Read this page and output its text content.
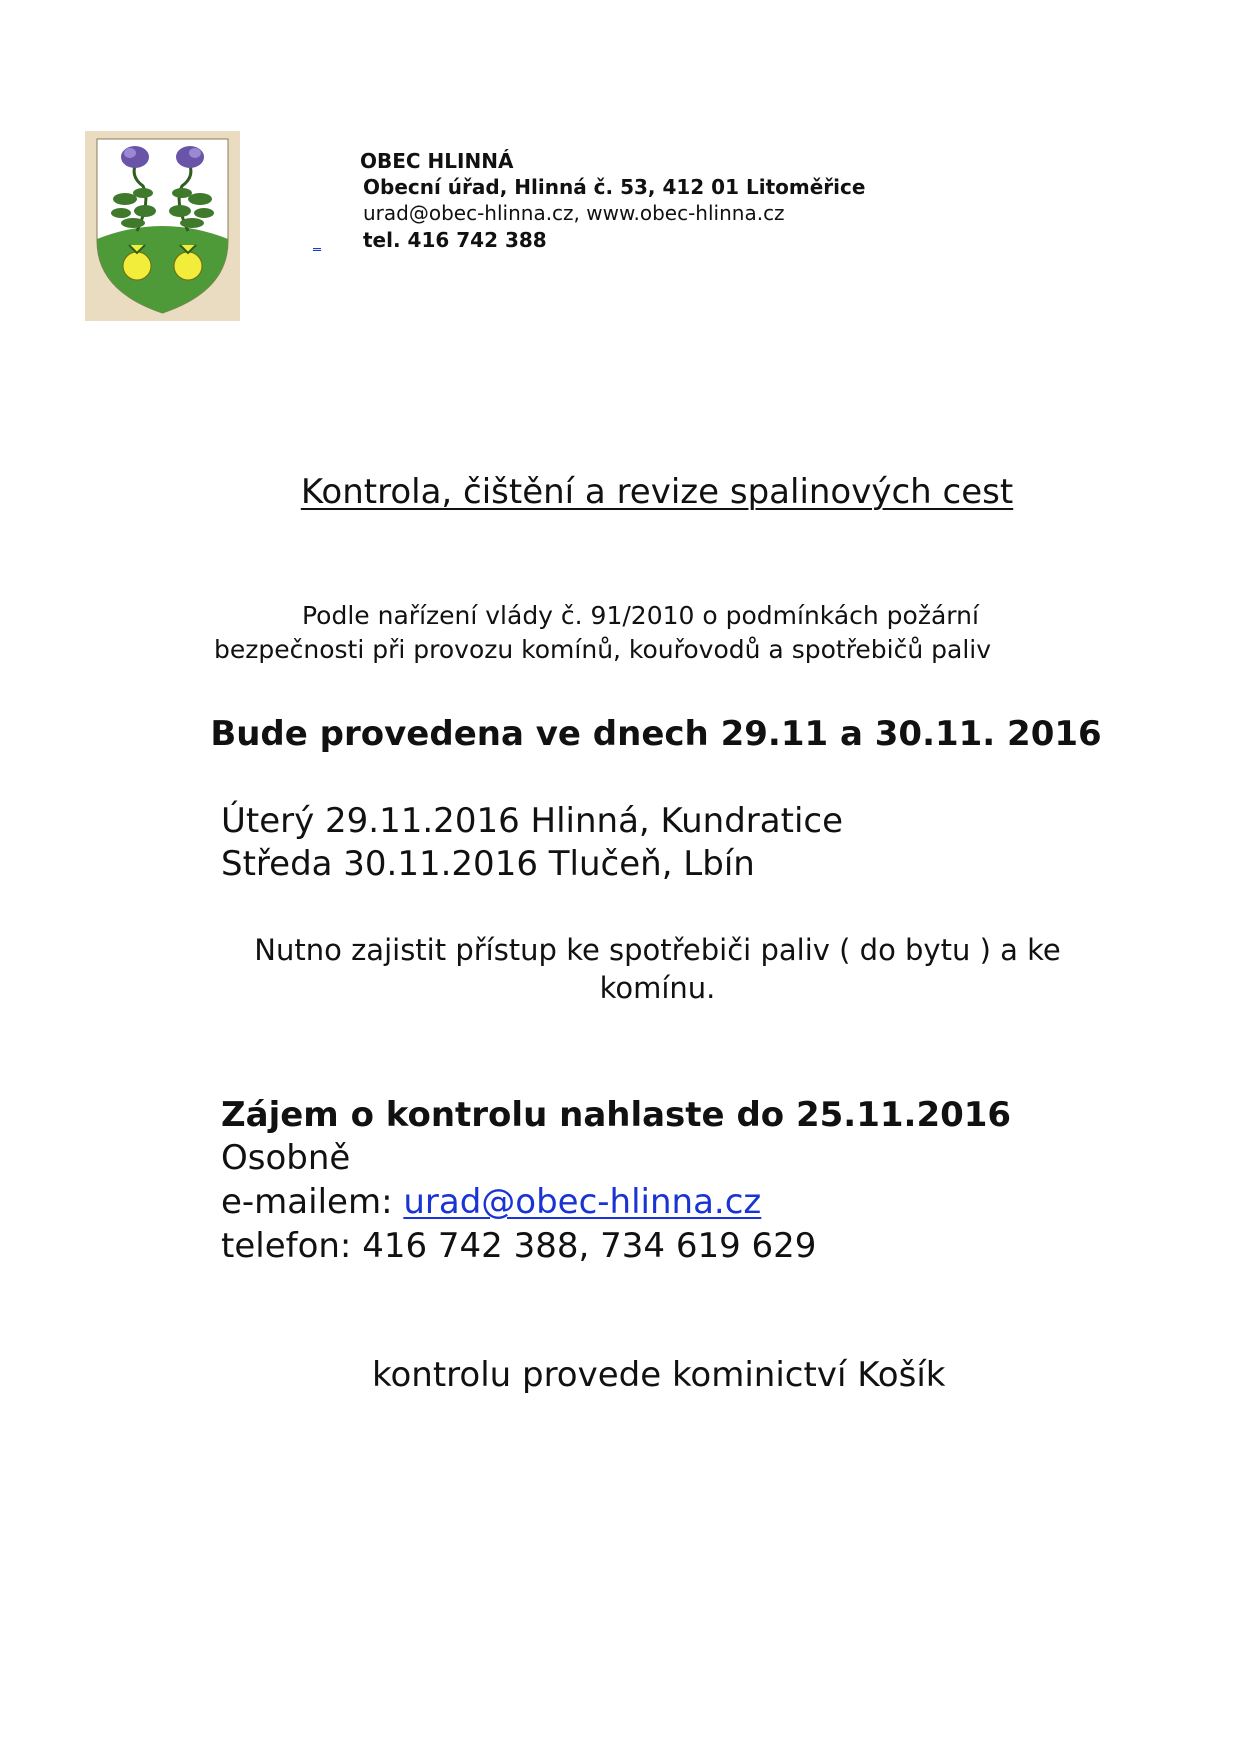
OBEC HLINNÁ

Obecní úřad, Hlinná č. 53, 412 01 Litoměřice

urad@obec-hlinna.cz, www.obec-hlinna.cz

tel. 416 742 388

_
Kontrola, čištění a revize spalinových cest

Podle nařízení vlády č. 91/2010 o podmínkách požární

bezpečnosti při provozu komínů, kouřovodů a spotřebičů paliv

Bude provedena ve dnech 29.11 a 30.11. 2016

Úterý 29.11.2016 Hlinná, Kundratice

Středa 30.11.2016 Tlučeň, Lbín

Nutno zajistit přístup ke spotřebiči paliv ( do bytu ) a ke komínu.

Zájem o kontrolu nahlaste do 25.11.2016

Osobně

e-mailem: urad@obec-hlinna.cz

telefon: 416 742 388, 734 619 629

kontrolu provede kominictví Košík
